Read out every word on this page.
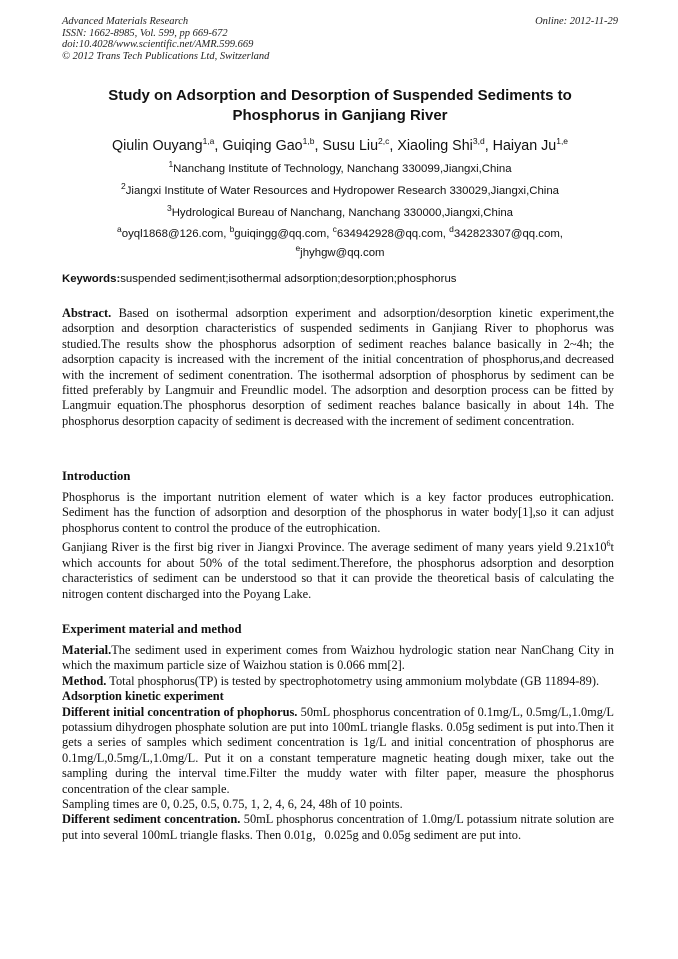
Advanced Materials Research
ISSN: 1662-8985, Vol. 599, pp 669-672
doi:10.4028/www.scientific.net/AMR.599.669
© 2012 Trans Tech Publications Ltd, Switzerland
Online: 2012-11-29
Study on Adsorption and Desorption of Suspended Sediments to
Phosphorus in Ganjiang River
Qiulin Ouyang$^{1,a}$, Guiqing Gao$^{1,b}$, Susu Liu$^{2,c}$, Xiaoling Shi$^{3,d}$, Haiyan Ju$^{1,e}$
$^1$Nanchang Institute of Technology, Nanchang 330099,Jiangxi,China
$^2$Jiangxi Institute of Water Resources and Hydropower Research 330029,Jiangxi,China
$^3$Hydrological Bureau of Nanchang, Nanchang 330000,Jiangxi,China
$^a$oyql1868@126.com, $^b$guiqingg@qq.com, $^c$634942928@qq.com, $^d$342823307@qq.com,
$^e$jhyhgw@qq.com
Keywords:suspended sediment;isothermal adsorption;desorption;phosphorus

Abstract. Based on isothermal adsorption experiment and adsorption/desorption kinetic experiment,the adsorption and desorption characteristics of suspended sediments in Ganjiang River to phophorus was studied.The results show the phosphorus adsorption of sediment reaches balance basically in 2~4h; the adsorption capacity is increased with the increment of the initial concentration of phosphorus,and decreased with the increment of sediment conentration. The isothermal adsorption of phosphorus by sediment can be fitted preferably by Langmuir and Freundlic model. The adsorption and desorption process can be fitted by Langmuir equation.The phosphorus desorption of sediment reaches balance basically in about 14h. The phosphorus desorption capacity of sediment is decreased with the increment of sediment concentration.

Introduction

Phosphorus is the important nutrition element of water which is a key factor produces eutrophication. Sediment has the function of adsorption and desorption of the phosphorus in water body[1],so it can adjust phosphorus content to control the produce of the eutrophication.

Ganjiang River is the first big river in Jiangxi Province. The average sediment of many years yield $9.21x10^6t$ which accounts for about 50% of the total sediment.Therefore, the phosphorus adsorption and desorption characteristics of sediment can be understood so that it can provide the theoretical basis of calculating the nitrogen content discharged into the Poyang Lake.

Experiment material and method

Material.The sediment used in experiment comes from Waizhou hydrologic station near NanChang City in which the maximum particle size of Waizhou station is 0.066 mm[2].

Method. Total phosphorus(TP) is tested by spectrophotometry using ammonium molybdate (GB 11894-89).

Adsorption kinetic experiment

Different initial concentration of phophorus. 50mL phosphorus concentration of 0.1mg/L, 0.5mg/L,1.0mg/L potassium dihydrogen phosphate solution are put into 100mL triangle flasks. 0.05g sediment is put into.Then it gets a series of samples which sediment concentration is 1g/L and initial concentration of phosphorus are 0.1mg/L,0.5mg/L,1.0mg/L. Put it on a constant temperature magnetic heating dough mixer, take out the sampling during the interval time.Filter the muddy water with filter paper, measure the phosphorus concentration of the clear sample.

Sampling times are 0, 0.25, 0.5, 0.75, 1, 2, 4, 6, 24, 48h of 10 points.

Different sediment concentration. 50mL phosphorus concentration of 1.0mg/L potassium nitrate solution are put into several 100mL triangle flasks. Then 0.01g，0.025g and 0.05g sediment are put into.
